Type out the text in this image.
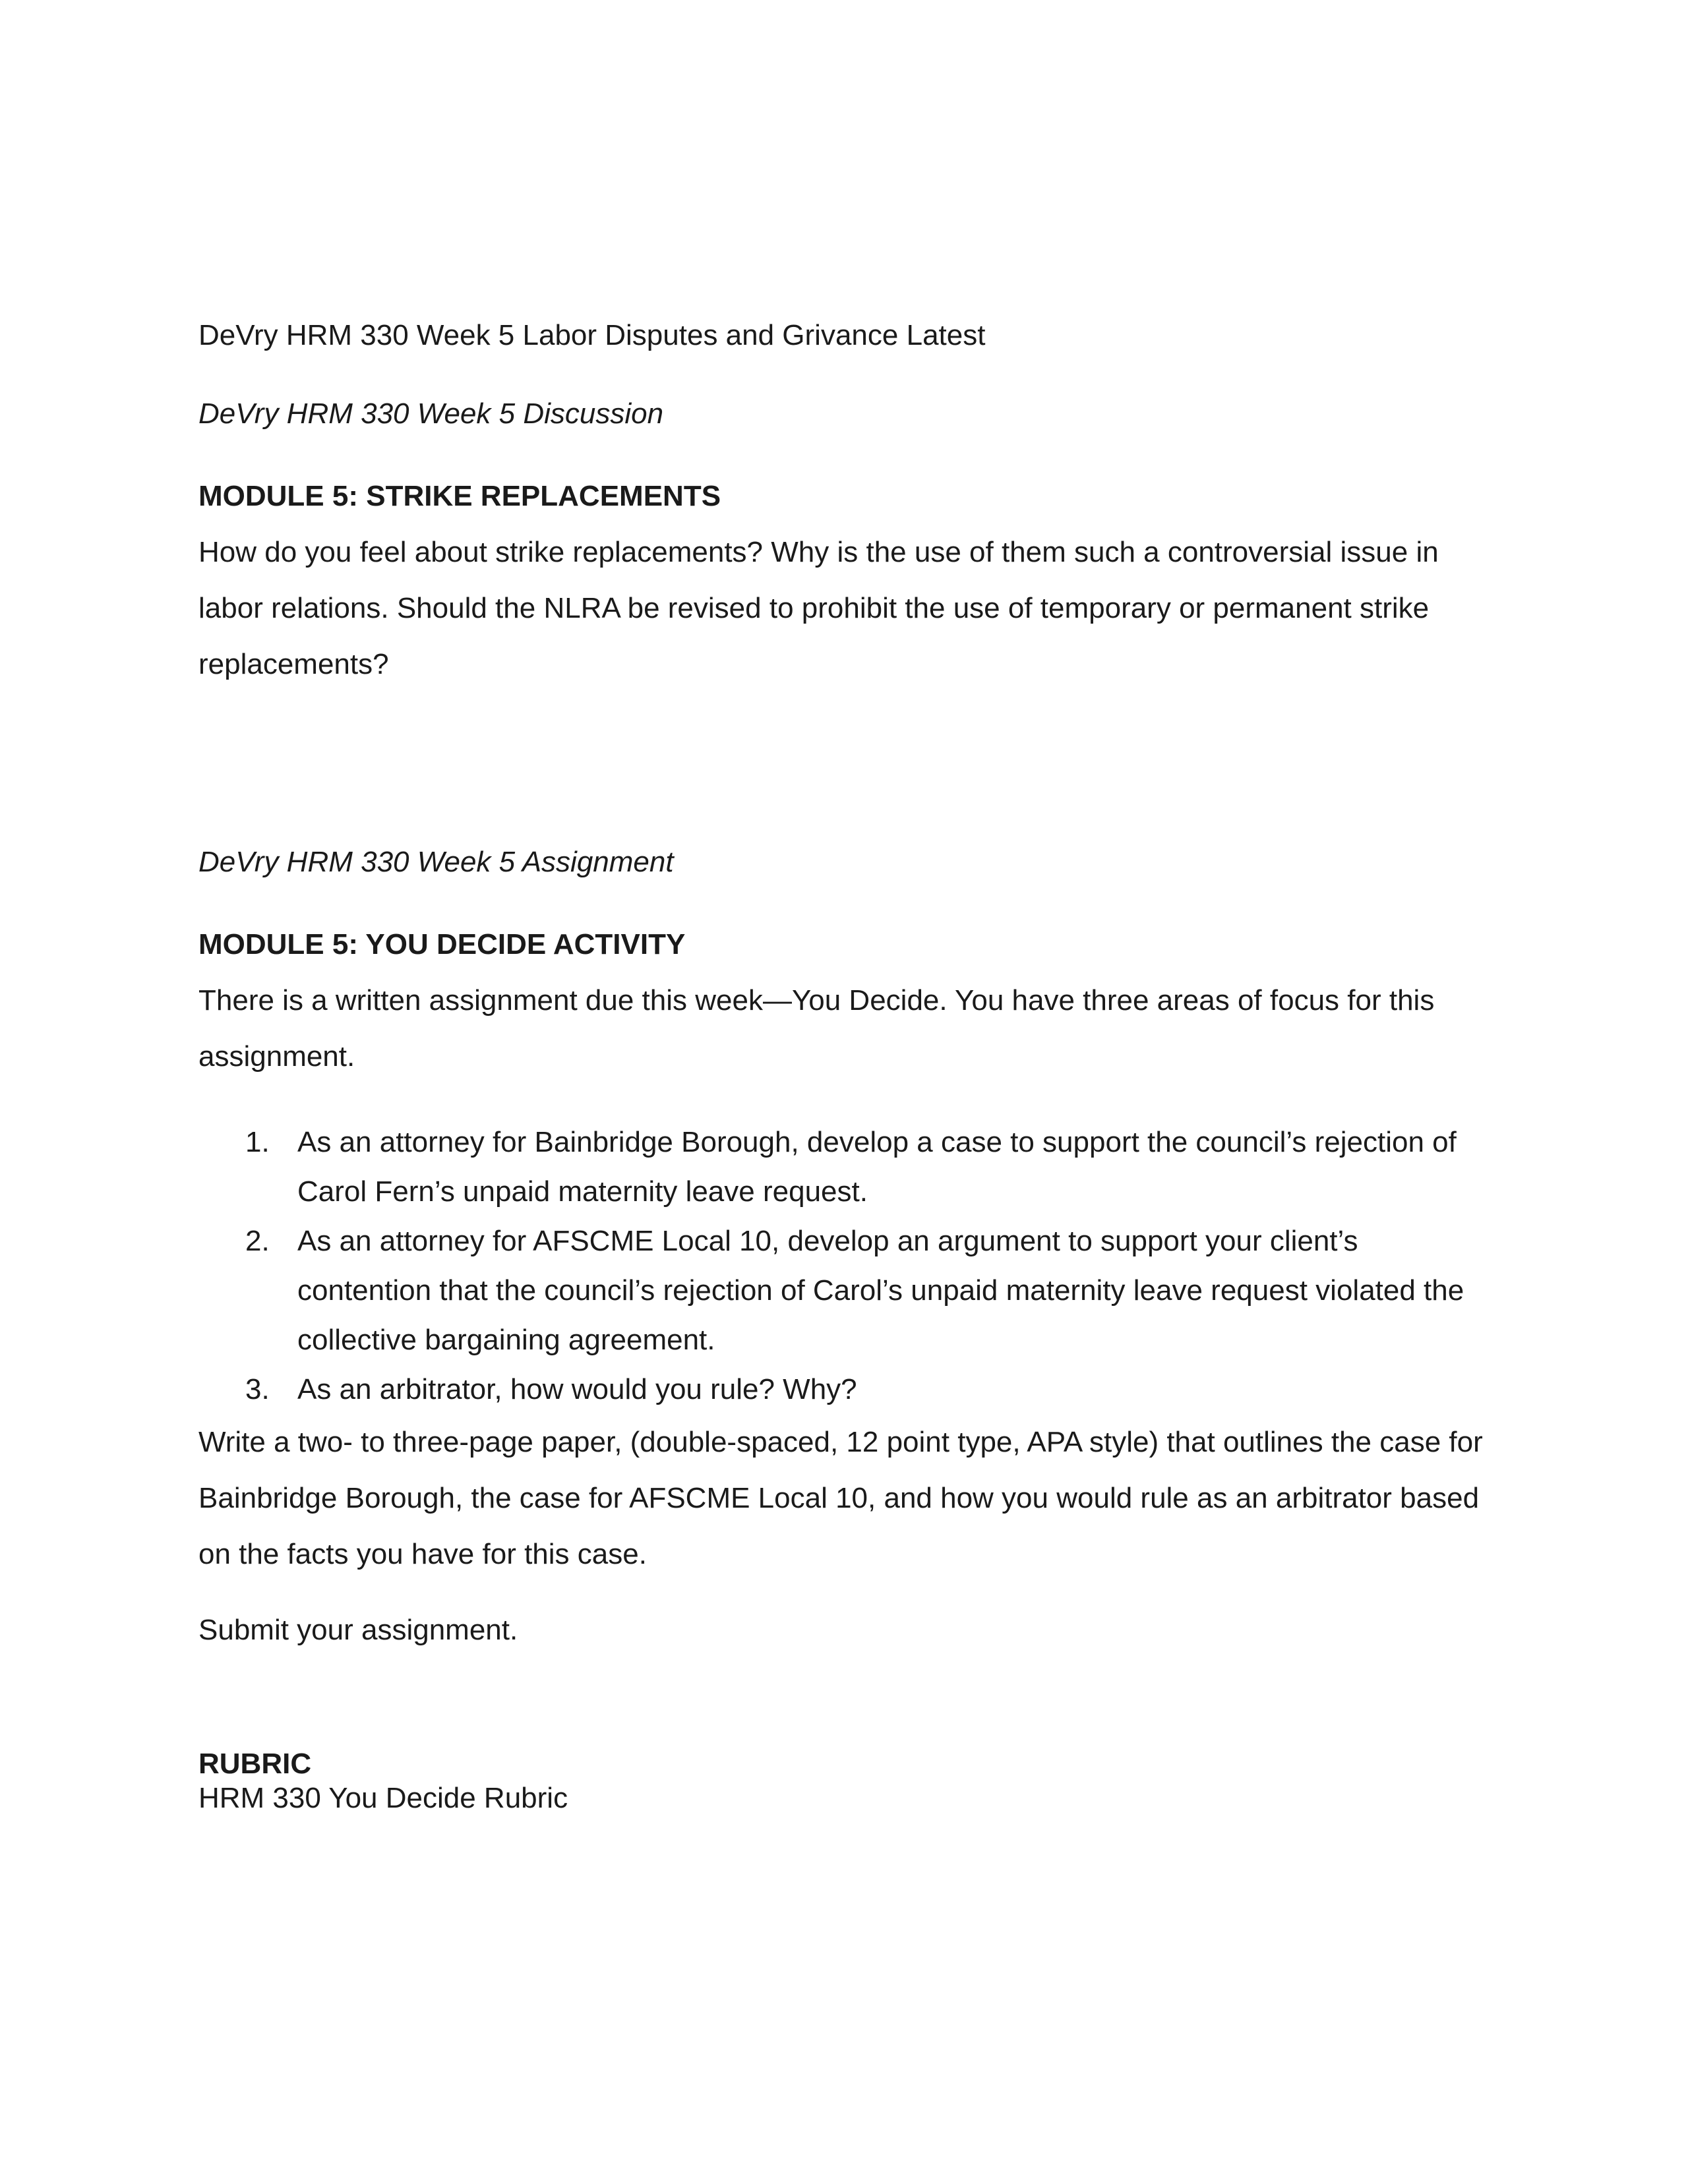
DeVry HRM 330 Week 5 Labor Disputes and Grivance Latest

DeVry HRM 330 Week 5 Discussion

MODULE 5: STRIKE REPLACEMENTS

How do you feel about strike replacements? Why is the use of them such a controversial issue in labor relations. Should the NLRA be revised to prohibit the use of temporary or permanent strike replacements?

DeVry HRM 330 Week 5 Assignment

MODULE 5: YOU DECIDE ACTIVITY

There is a written assignment due this week—You Decide. You have three areas of focus for this assignment.

1. As an attorney for Bainbridge Borough, develop a case to support the council’s rejection of Carol Fern’s unpaid maternity leave request.
2. As an attorney for AFSCME Local 10, develop an argument to support your client’s contention that the council’s rejection of Carol’s unpaid maternity leave request violated the collective bargaining agreement.
3. As an arbitrator, how would you rule? Why?

Write a two- to three-page paper, (double-spaced, 12 point type, APA style) that outlines the case for Bainbridge Borough, the case for AFSCME Local 10, and how you would rule as an arbitrator based on the facts you have for this case.

Submit your assignment.

RUBRIC

HRM 330 You Decide Rubric
